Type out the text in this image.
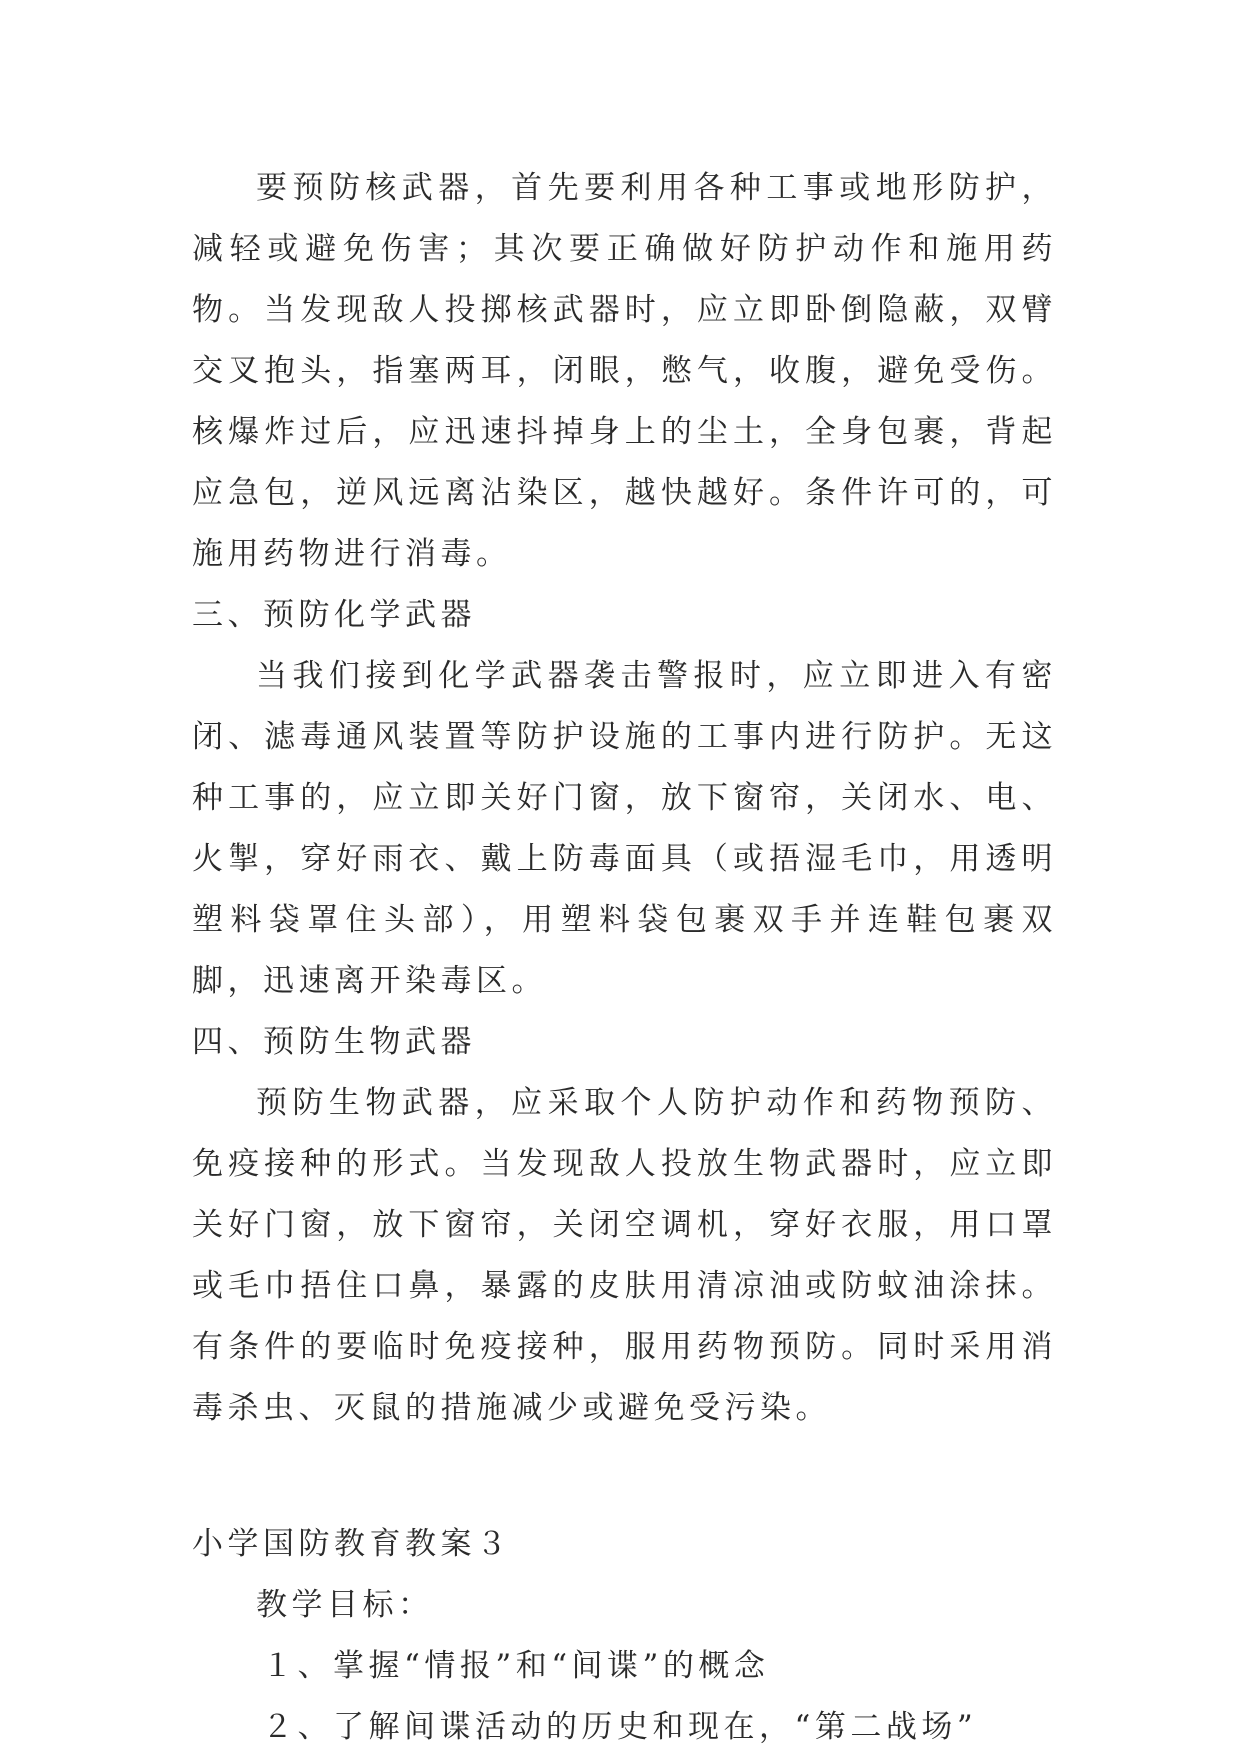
要预防核武器，首先要利用各种工事或地形防护，减轻或避免伤害；其次要正确做好防护动作和施用药物。当发现敌人投掷核武器时，应立即卧倒隐蔽，双臂交叉抱头，指塞两耳，闭眼，憋气，收腹，避免受伤。核爆炸过后，应迅速抖掉身上的尘土，全身包裹，背起应急包，逆风远离沾染区，越快越好。条件许可的，可施用药物进行消毒。

三、预防化学武器

当我们接到化学武器袭击警报时，应立即进入有密闭、滤毒通风装置等防护设施的工事内进行防护。无这种工事的，应立即关好门窗，放下窗帘，关闭水、电、火掣，穿好雨衣、戴上防毒面具（或捂湿毛巾，用透明塑料袋罩住头部），用塑料袋包裹双手并连鞋包裹双脚，迅速离开染毒区。

四、预防生物武器

预防生物武器，应采取个人防护动作和药物预防、免疫接种的形式。当发现敌人投放生物武器时，应立即关好门窗，放下窗帘，关闭空调机，穿好衣服，用口罩或毛巾捂住口鼻，暴露的皮肤用清凉油或防蚊油涂抹。有条件的要临时免疫接种，服用药物预防。同时采用消毒杀虫、灭鼠的措施减少或避免受污染。

小学国防教育教案３

教学目标：

１、掌握“情报”和“间谍”的概念

２、了解间谍活动的历史和现在，“第二战场”
